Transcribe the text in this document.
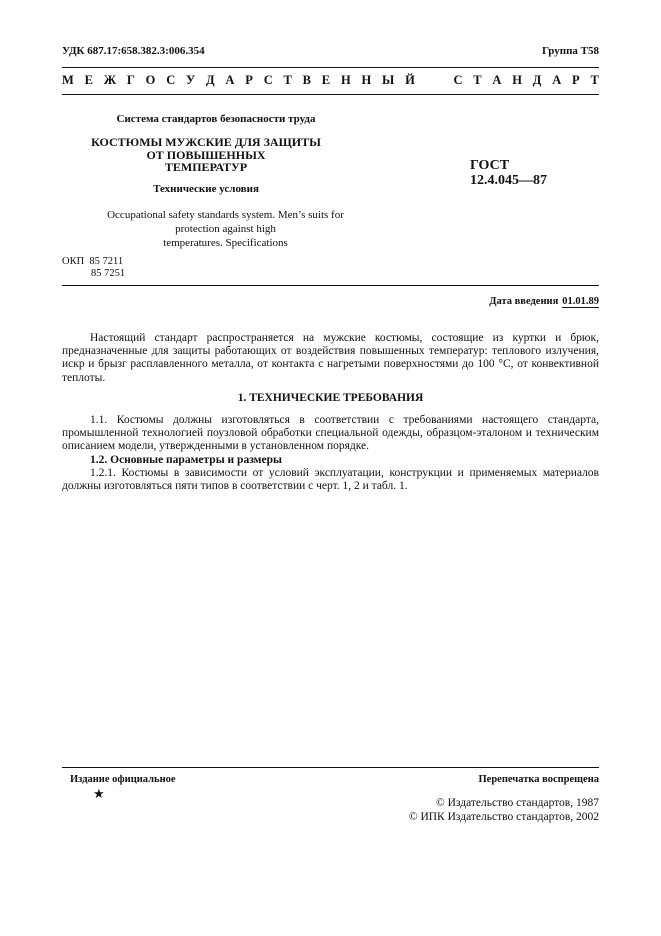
УДК 687.17:658.382.3:006.354	Группа Т58
М Е Ж Г О С У Д А Р С Т В Е Н Н Ы Й

	С Т А Н Д А Р Т
Система стандартов безопасности труда
КОСТЮМЫ МУЖСКИЕ ДЛЯ ЗАЩИТЫ
ОТ ПОВЫШЕННЫХ
ТЕМПЕРАТУР
Технические условия
Occupational safety standards system. Men’s suits for
protection against high
temperatures. Specifications
ГОСТ
12.4.045—87
ОКП 85 7211
85 7251
Дата введения 01.01.89
Настоящий стандарт распространяется на мужские костюмы, состоящие из куртки и брюк, предназначенные для защиты работающих от воздействия повышенных температур: теплового излучения, искр и брызг расплавленного металла, от контакта с нагретыми поверхностями до 100 °С, от конвективной теплоты.
1. ТЕХНИЧЕСКИЕ ТРЕБОВАНИЯ
1.1. Костюмы должны изготовляться в соответствии с требованиями настоящего стандарта, промышленной технологией поузловой обработки специальной одежды, образцом-эталоном и техническим описанием модели, утвержденными в установленном порядке.
1.2. Основные параметры и размеры
1.2.1. Костюмы в зависимости от условий эксплуатации, конструкции и применяемых материалов должны изготовляться пяти типов в соответствии с черт. 1, 2 и табл. 1.
Издание официальное	Перепечатка воспрещена
★
© Издательство стандартов, 1987
© ИПК Издательство стандартов, 2002
